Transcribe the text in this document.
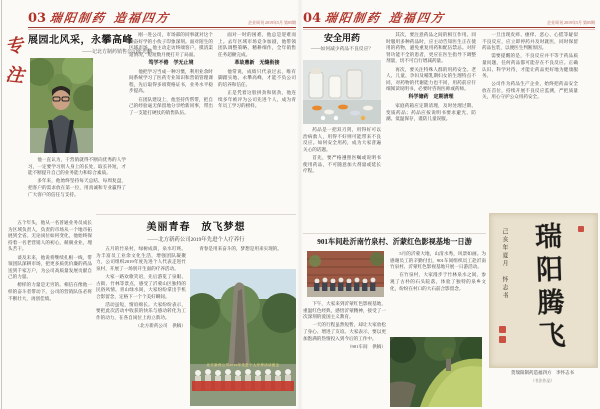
03 瑞阳制药 造福四方	企业周刊 2019年5月 第05期
专
注
展园北风采，永攀高峰
——记北方制药销售公司张光鹏

他一直认为，干营销就得不断向优秀的人学习，一定要学习别人身上的长处，取长补短，才能不断提升自己的业务能力和综合素质。

多年来，他始终坚持每天总结、每周复盘，把客户的需求放在第一位，用真诚和专业赢得了广大客户的信任与支持。

刚一进公司，市场部的同事就对这个勤奋好学的小伙子印象深刻。面对陌生的区域市场，他主动走访终端客户，摸清渠道情况，短短数月便打开了局面。

笃学不倦　学无止境

他把学习当成一种习惯，利用业余时间系统学习了医药专业知识和营销管理课程，先后取得多项资格证书，业务水平稳步提高。

在团队建设上，他坚持传帮带，把自己的经验毫无保留地分享给新同事，带出了一支能打硬仗的销售队伍。

面对一时的困难，他总是迎难而上。去年区域市场竞争加剧，他带领团队调整策略、精耕细作，全年销售任务超额完成。

革故鼎新　无缝衔接

他常说，成绩只代表过去，唯有脚踏实地、永攀高峰，才能不负公司的培养和信任。

正是凭着这股拼劲和韧劲，他连续多年被评为公司先进个人，成为青年员工学习的榜样。

五个年头，他从一名普通业务员成长为区域负责人，负责的市场从一个地市拓展到全省。无论岗位如何变化，他始终保持着一名老营销人的初心，兢兢业业，埋头苦干。

谈及未来，他说将继续扎根一线，带领团队深耕市场，把更多质优价廉的药品送到千家万户，为公司高质量发展贡献自己的力量。

榜样的力量是无穷的。相信在像他一样的奋斗者带动下，公司的营销队伍必将不断壮大，再创佳绩。

美丽青春　放飞梦想
——北方新药公司2019年先进个人疗养行

五月的竹泉村，绿树成荫，泉水叮咚。为丰富员工业余文化生活，增强团队凝聚力，公司组织2019年度先进个人代表走进竹泉村，开展了一场别开生面的疗养活动。

大家一路欢歌笑语，先后游览了泉眼、古街、竹林等景点，感受了沂蒙山区独特的民俗风情。青山绿水间，大家纷纷拿出手机合影留念，定格下一个个美好瞬间。

活动虽短，情谊绵长。大家纷纷表示，要把此次活动中收获的快乐与感动转化为工作的动力，在各自岗位上再立新功。

（北方新药公司　供稿）

青春是用来奋斗的，梦想是用来实现的。

北方新药公司2019年先进个人疗养活动留念
04 瑞阳制药 造福四方	企业周刊 2019年5月 第05期
安全用药
——如何减少药品不良反应？

药品是一把双刃剑，用得好可以治病救人，用得不好则可能带来不良反应。如何安全用药，成为大家普遍关心的话题。

首先，要严格遵照医嘱或说明书使用药品，不可随意加大剂量或延长疗程。

其次，要注意药品之间的相互作用。同时服用多种药品时，应主动告知医生正在使用的药物，避免重复用药和配伍禁忌。对肝肾功能不全的患者，更应在医生指导下调整剂量，切不可自行增减药量。

再次，要关注特殊人群的用药安全。老人、儿童、孕妇及哺乳期妇女的生理特点不同，对药物的代谢能力也不同，用药前应仔细阅读说明书，必要时咨询医师或药师。

科学储药　定期清理

家庭药箱应定期清理，及时处理过期、变质药品；药品应按说明书要求避光、防潮、低温保存，谨防儿童误服。

一旦出现皮疹、瘙痒、恶心、心慌等疑似不良反应，应立即停药并及时就医，同时保留药品包装，以便医生判断原因。

需要提醒的是，不良反应并不等于药品质量问题，任何药品都可能存在不良反应。正确认识、科学对待，才能让药品更好地为健康服务。

公司作为药品生产企业，始终把药品安全放在首位，持续开展不良反应监测，严把质量关，用心守护公众用药安全。

901车间赴沂南竹泉村、沂蒙红色影视基地一日游

5月的沂蒙大地，山清水秀，风景如画。为感谢员工的辛勤付出，901车间组织员工赴沂南竹泉村、沂蒙红色影视基地开展一日游活动。

在竹泉村，大家漫步于竹林泉水之间，参观了古朴的石头院落，体验了独特的泉乡文化，纷纷在村口的大石前合影留念。

下午，大家来到沂蒙红色影视基地，重温红色经典，感悟沂蒙精神，接受了一次深刻的爱国主义教育。

一天的行程虽然短暂，却让大家放松了身心、增进了友谊。大家表示，要以更加饱满的热情投入到今后的工作中。

（901车间　供稿）	瑞阳腾飞
己亥年夏月　怀志书
贺瑞阳制药造福四方　李怀志书
（书法作品）
